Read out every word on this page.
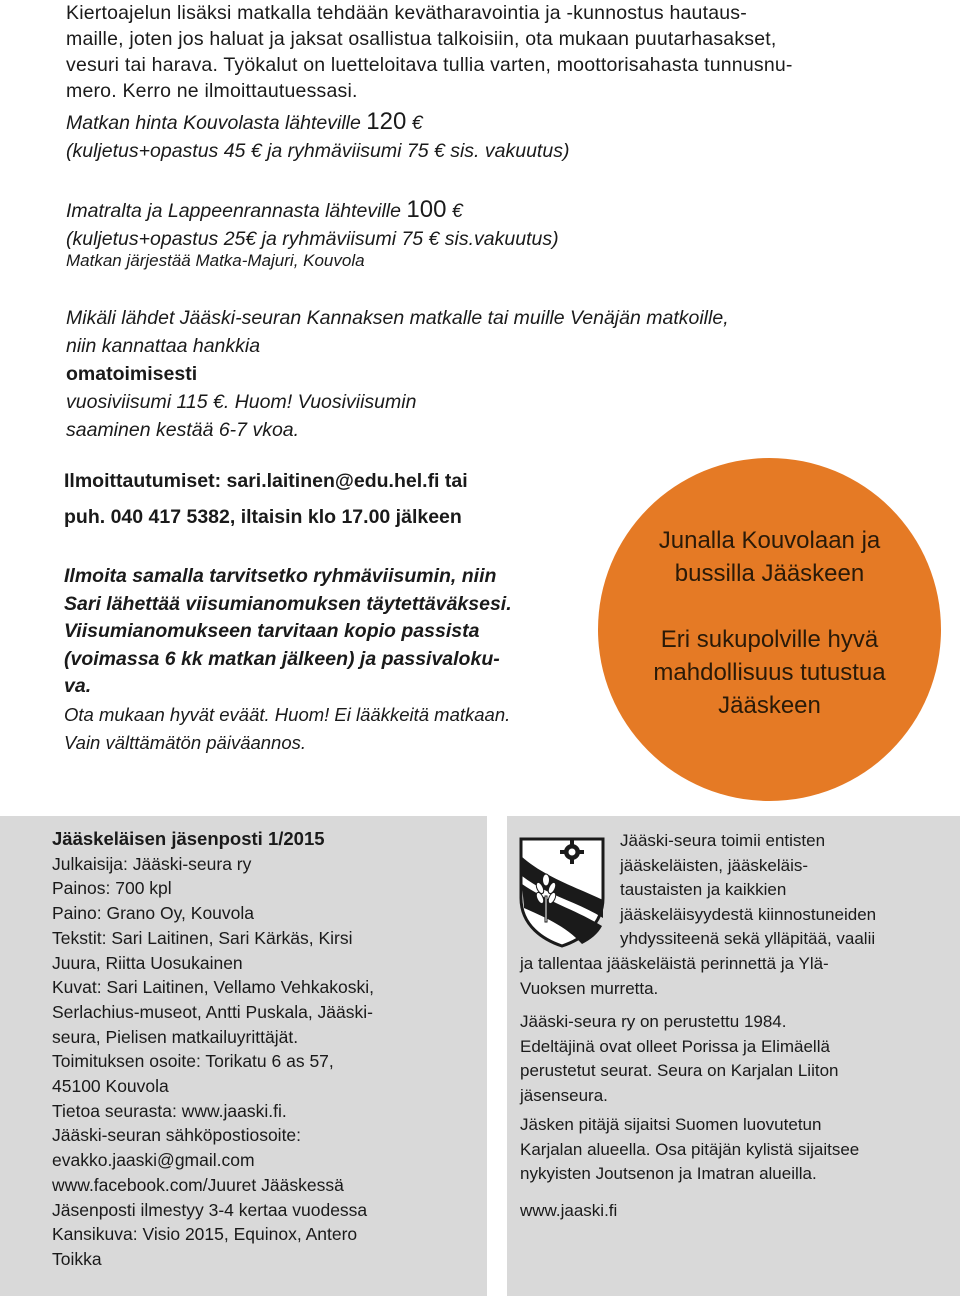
Kiertoajelun lisäksi matkalla tehdään kevätharavointia ja -kunnostus hautaus-
maille, joten jos haluat ja jaksat osallistua talkoisiin, ota mukaan puutarhasakset,
vesuri tai harava. Työkalut on luetteloitava tullia varten, moottorisahasta tunnusnu-
mero. Kerro ne ilmoittautuessasi.
Matkan hinta Kouvolasta lähteville 120 €
(kuljetus+opastus 45 € ja ryhmäviisumi 75 € sis. vakuutus)
Imatralta ja Lappeenrannasta lähteville 100 €
(kuljetus+opastus 25€ ja ryhmäviisumi 75 € sis.vakuutus)
Matkan järjestää Matka-Majuri, Kouvola
Mikäli lähdet Jääski-seuran Kannaksen matkalle tai muille Venäjän matkoille,
niin kannattaa hankkia
omatoimisesti
vuosiviisumi 115 €. Huom! Vuosiviisumin
saaminen kestää 6-7 vkoa.
Ilmoittautumiset: sari.laitinen@edu.hel.fi tai
puh. 040 417 5382, iltaisin klo 17.00 jälkeen
Ilmoita samalla tarvitsetko ryhmäviisumin, niin
Sari lähettää viisumianomuksen täytettäväksesi.
Viisumianomukseen tarvitaan kopio passista
(voimassa 6 kk matkan jälkeen) ja passivaloku-
va.
Ota mukaan hyvät eväät. Huom! Ei lääkkeitä matkaan.
Vain välttämätön päiväannos.
Junalla Kouvolaan ja
bussilla Jääskeen
Eri sukupolville hyvä
mahdollisuus tutustua
Jääskeen
Jääskeläisen jäsenposti 1/2015
Julkaisija: Jääski-seura ry
Painos: 700 kpl
Paino: Grano Oy, Kouvola
Tekstit: Sari Laitinen, Sari Kärkäs, Kirsi
Juura, Riitta Uosukainen
Kuvat: Sari Laitinen, Vellamo Vehkakoski,
Serlachius-museot, Antti Puskala, Jääski-
seura, Pielisen matkailuyrittäjät.
Toimituksen osoite: Torikatu 6 as 57,
45100 Kouvola
Tietoa seurasta: www.jaaski.fi.
Jääski-seuran sähköpostiosoite:
evakko.jaaski@gmail.com
www.facebook.com/Juuret Jääskessä
Jäsenposti ilmestyy 3-4 kertaa vuodessa
Kansikuva: Visio 2015, Equinox, Antero
Toikka
Jääski-seura toimii entisten
jääskeläisten, jääskeläis-
taustaisten ja kaikkien
jääskeläisyydestä kiinnostuneiden
yhdyssiteenä sekä ylläpitää, vaalii
ja tallentaa jääskeläistä perinnettä ja Ylä-
Vuoksen murretta.
Jääski-seura ry on perustettu 1984.
Edeltäjinä ovat olleet Porissa ja Elimäellä
perustetut seurat. Seura on Karjalan Liiton
jäsenseura.
Jäsken pitäjä sijaitsi Suomen luovutetun
Karjalan alueella. Osa pitäjän kylistä sijaitsee
nykyisten Joutsenon ja Imatran alueilla.
www.jaaski.fi
